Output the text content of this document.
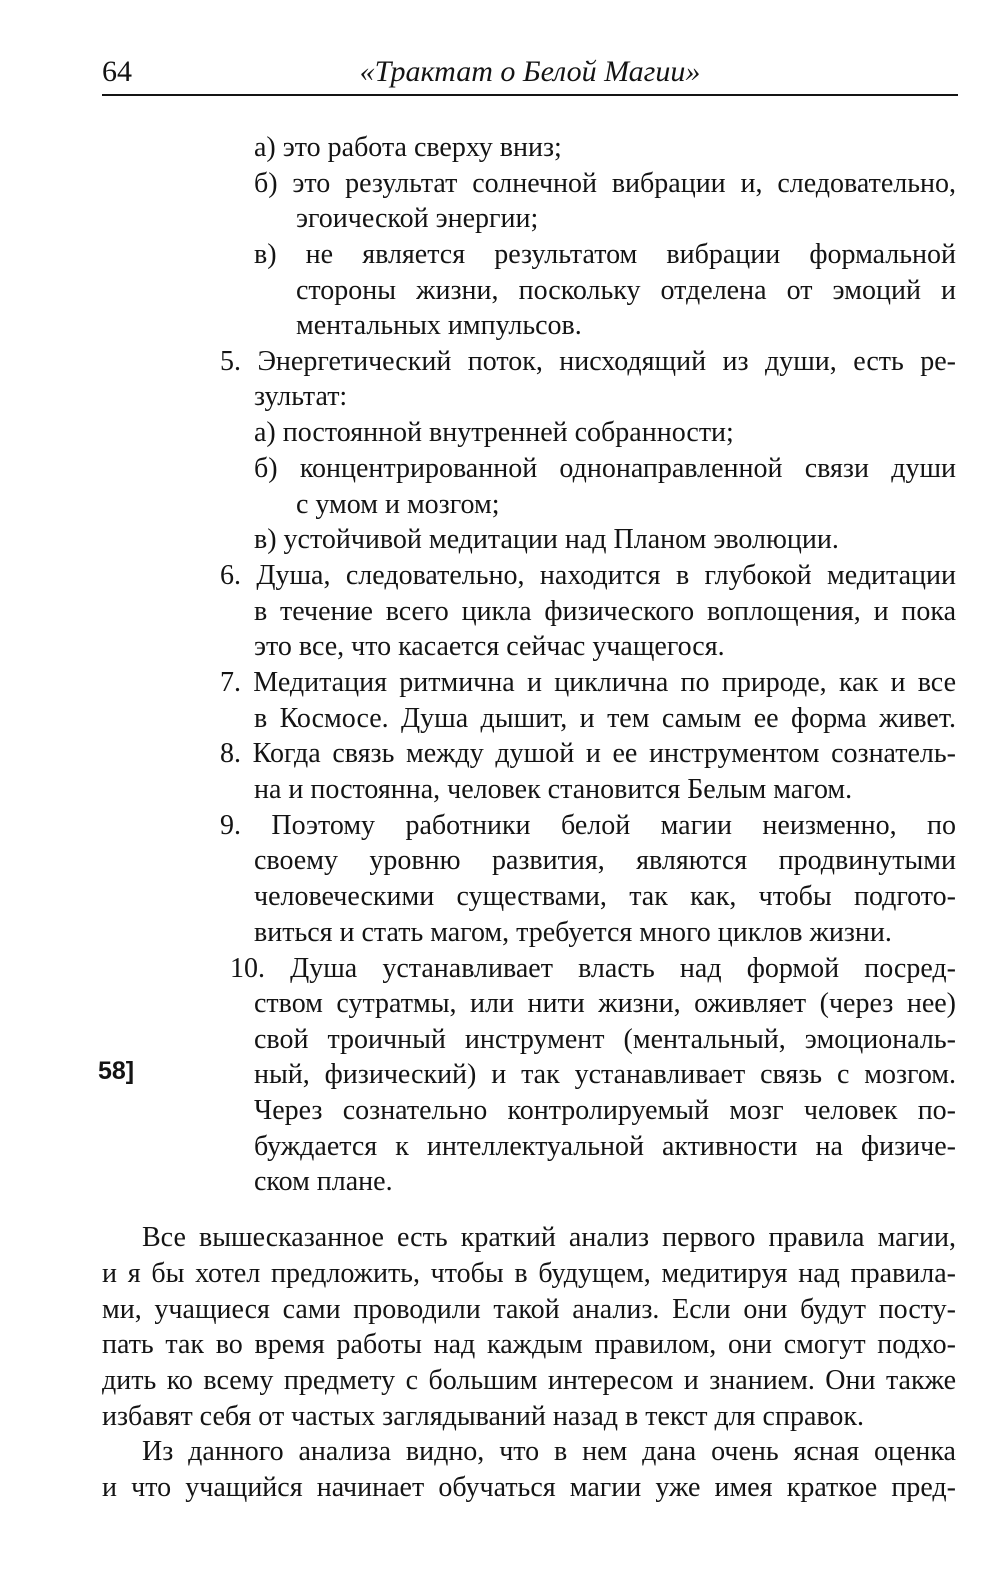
64	«Трактат о Белой Магии»
58]
а) это работа сверху вниз;
б) это результат солнечной вибрации и, следовательно,
эгоической энергии;
в) не является результатом вибрации формальной
стороны жизни, поскольку отделена от эмоций и
ментальных импульсов.
5. Энергетический поток, нисходящий из души, есть ре-
зультат:
а) постоянной внутренней собранности;
б) концентрированной однонаправленной связи души
с умом и мозгом;
в) устойчивой медитации над Планом эволюции.
6. Душа, следовательно, находится в глубокой медитации
в течение всего цикла физического воплощения, и пока
это все, что касается сейчас учащегося.
7. Медитация ритмична и циклична по природе, как и все
в Космосе. Душа дышит, и тем самым ее форма живет.
8. Когда связь между душой и ее инструментом сознатель-
на и постоянна, человек становится Белым магом.
9. Поэтому работники белой магии неизменно, по
своему уровню развития, являются продвинутыми
человеческими существами, так как, чтобы подгото-
виться и стать магом, требуется много циклов жизни.
10. Душа устанавливает власть над формой посред-
ством сутратмы, или нити жизни, оживляет (через нее)
свой троичный инструмент (ментальный, эмоциональ-
ный, физический) и так устанавливает связь с мозгом.
Через сознательно контролируемый мозг человек по-
буждается к интеллектуальной активности на физиче-
ском плане.
Все вышесказанное есть краткий анализ первого правила магии,
и я бы хотел предложить, чтобы в будущем, медитируя над правила-
ми, учащиеся сами проводили такой анализ. Если они будут посту-
пать так во время работы над каждым правилом, они смогут подхо-
дить ко всему предмету с большим интересом и знанием. Они также
избавят себя от частых заглядываний назад в текст для справок.
Из данного анализа видно, что в нем дана очень ясная оценка
и что учащийся начинает обучаться магии уже имея краткое пред-
